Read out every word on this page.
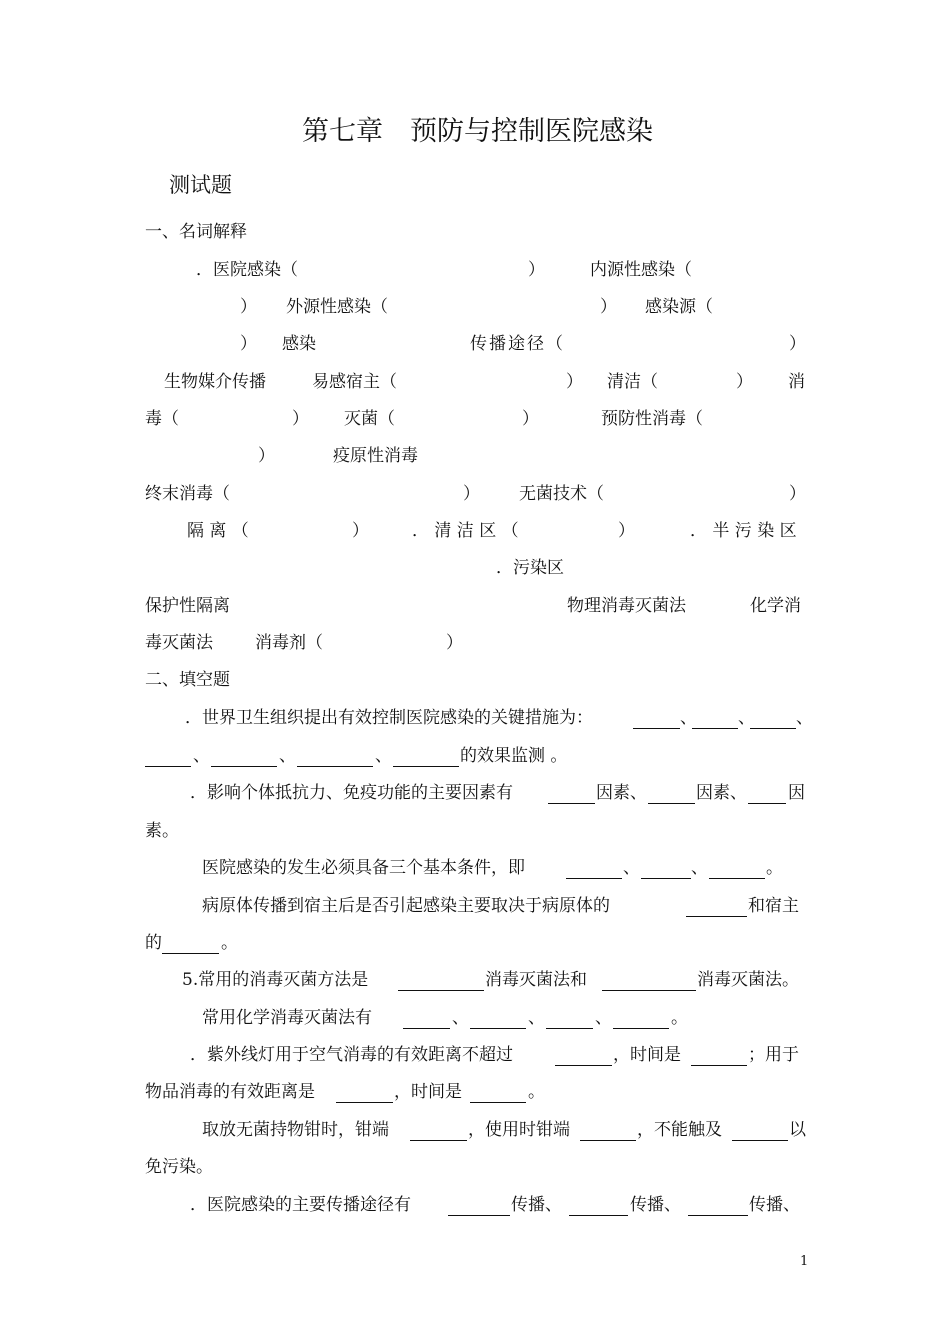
第七章　预防与控制医院感染
测试题
一、名词解释
．医院感染（	）	内源性感染（
） 外源性感染（	） 感染源（
） 感染	传播途径（	）
生物媒介传播	易感宿主（	） 清洁（	） 消
毒（	） 灭菌（	）	预防性消毒（
）	疫原性消毒
终末消毒（	） 无菌技术（	）
隔 离 （	）	． 清 洁 区 （	）	． 半 污 染 区
．污染区
保护性隔离	物理消毒灭菌法	化学消
毒灭菌法 消毒剂（	）
二、填空题
．世界卫生组织提出有效控制医院感染的关键措施为：	、 、 、
、	、	、	的效果监测 。
．影响个体抵抗力、免疫功能的主要因素有	因素、	因素、 因
素。
医院感染的发生必须具备三个基本条件，即	、	、	。
病原体传播到宿主后是否引起感染主要取决于病原体的	和宿主
的	。
5.常用的消毒灭菌方法是	消毒灭菌法和	消毒灭菌法。
常用化学消毒灭菌法有	、	、	、	。
．紫外线灯用于空气消毒的有效距离不超过	，时间是	；用于
物品消毒的有效距离是	，时间是	。
取放无菌持物钳时，钳端	，使用时钳端	，不能触及	以
免污染。
．医院感染的主要传播途径有	传播、	传播、	传播、
1
